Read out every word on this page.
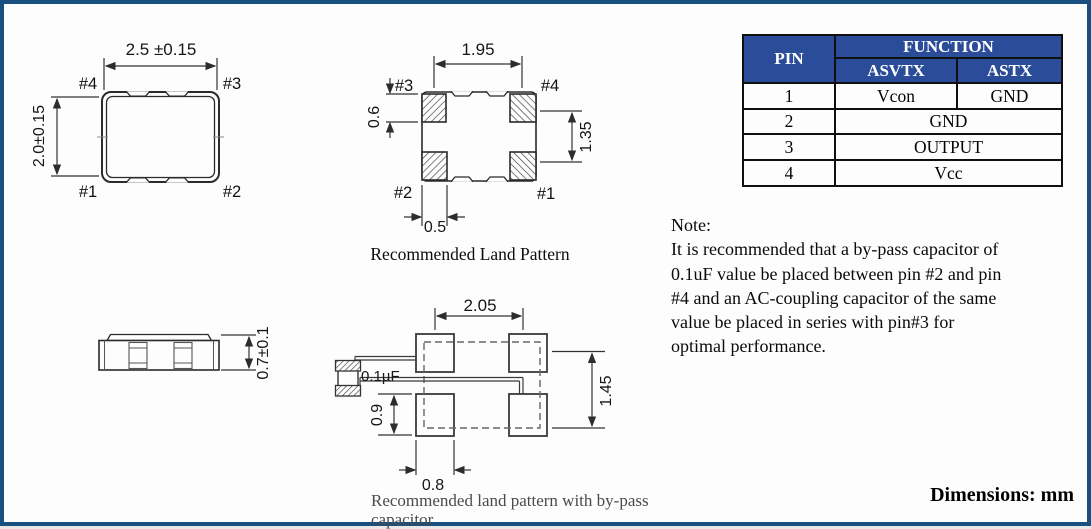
2.5 ±0.15
2.0±0.15
#4	#3
#1	#2
1.95
0.6
1.35
0.5
#3	#4
#2	#1
Recommended Land Pattern
PIN	FUNCTION	
	ASVTX	ASTX
1	Vcon	GND
2	GND	
3	OUTPUT	
4	Vcc	
Note:
It is recommended that a by-pass capacitor of
0.1uF value be placed between pin #2 and pin
#4 and an AC-coupling capacitor of the same
value be placed in series with pin#3 for
optimal performance.
0.7±0.1
2.05
0.1µF
0.9
1.45
0.8
Recommended land pattern with by-pass capacitor
Dimensions: mm
